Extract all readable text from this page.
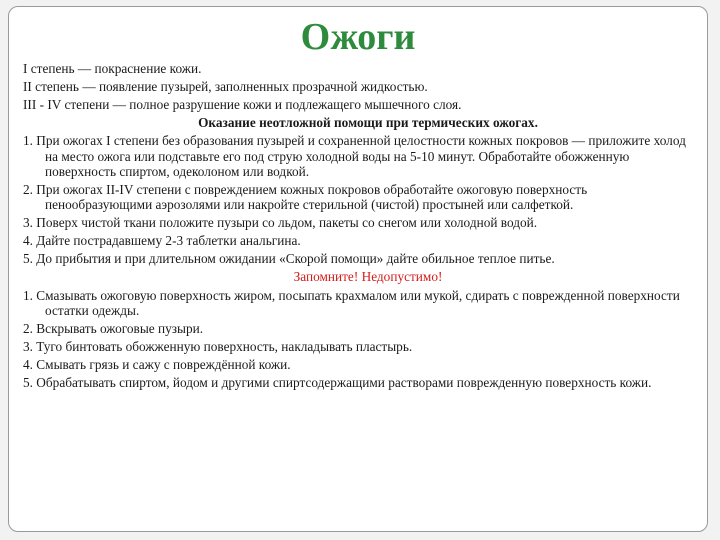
Ожоги
I степень — покраснение кожи.
II степень — появление пузырей, заполненных прозрачной жидкостью.
III - IV степени — полное разрушение кожи и подлежащего мышечного слоя.
Оказание неотложной помощи при термических ожогах.
1. При ожогах I степени без образования пузырей и сохраненной целостности кожных покровов — приложите холод на место ожога или подставьте его под струю холодной воды на 5-10 минут. Обработайте обожженную поверхность спиртом, одеколоном или водкой.
2. При ожогах II-IV степени с повреждением кожных покровов обработайте ожоговую поверхность пенообразующими аэрозолями или накройте стерильной (чистой) простыней или салфеткой.
3. Поверх чистой ткани положите пузыри со льдом, пакеты со снегом или холодной водой.
4. Дайте пострадавшему 2-3 таблетки анальгина.
5. До прибытия и при длительном ожидании «Скорой помощи» дайте обильное теплое питье.
Запомните! Недопустимо!
1. Смазывать ожоговую поверхность жиром, посыпать крахмалом или мукой, сдирать с поврежденной поверхности остатки одежды.
2. Вскрывать ожоговые пузыри.
3. Туго бинтовать обожженную поверхность, накладывать пластырь.
4. Смывать грязь и сажу с повреждённой кожи.
5. Обрабатывать спиртом, йодом и другими спиртсодержащими растворами поврежденную поверхность кожи.
